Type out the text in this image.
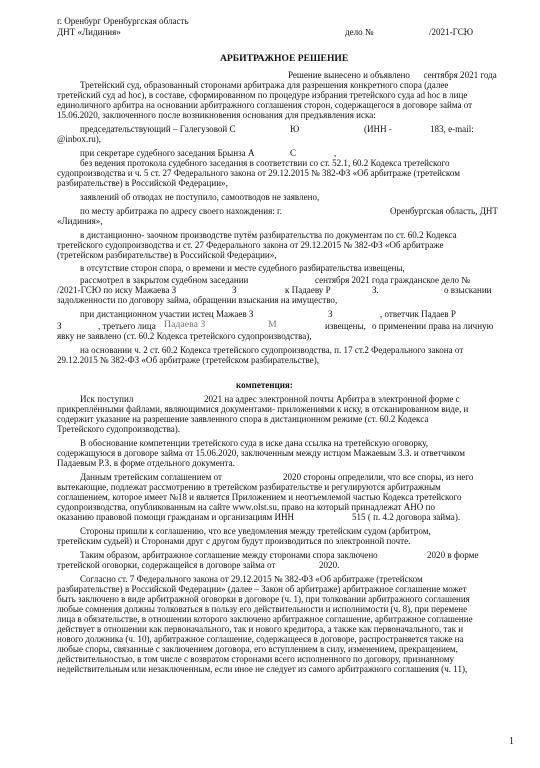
г. Оренбург Оренбургская область
ДНТ «Лидиния»	дело №	/2021-ГСЮ
АРБИТРАЖНОЕ РЕШЕНИЕ
Решение вынесено и объявлено      сентября 2021 года
Третейский суд, образованный сторонами арбитража для разрешения конкретного спора (далее
третейский суд ad hoc), в составе, сформированном по процедуре избрания третейского суда ad hoc в лице
единоличного арбитра на основании арбитражного соглашения сторон, содержащегося в договоре займа от
15.06.2020, заключенного после возникновения основания для предъявления иска:
председательствующий – Галегузовой С	Ю	(ИНН -	183, e-mail:
@inbox.ru),
при секретаре судебного заседания Брынза А	С	,
без ведения протокола судебного заседания в соответствии со ст. 52.1, 60.2 Кодекса третейского
судопроизводства и ч. 5 ст. 27 Федерального закона от 29.12.2015 № 382-ФЗ «Об арбитраже (третейском
разбирательстве) в Российской Федерации»,
заявлений об отводах не поступило, самоотводов не заявлено,
по месту арбитража по адресу своего нахождения: г.	Оренбургская область, ДНТ
«Лидиния»,
в дистанционно- заочном производстве путём разбирательства по документам по ст. 60.2 Кодекса
третейского судопроизводства и ст. 27 Федерального закона от 29.12.2015 № 382-ФЗ «Об арбитраже
(третейском разбирательстве) в Российской Федерации»,
в отсутствие сторон спора, о времени и месте судебного разбирательства извещены,
рассмотрел в закрытом судебном заседании	сентября 2021 года гражданское дело №
/2021-ГСЮ по иску Мажаева З	З	к Падаеву Р	З.	о взыскании
задолженности по договору займа, обращении взыскания на имущество,
при дистанционном участии истец Мажаев З	З	, ответчик Падаев Р
З	, третьего лица Падаева З	М	извещены, о применении права на личную
явку не заявлено (ст. 60.2 Кодекса третейского судопроизводства),
на основании ч. 2 ст. 60.2 Кодекса третейского судопроизводства, п. 17 ст.2 Федерального закона от
29.12.2015 № 382-ФЗ «Об арбитраже (третейском разбирательстве),
компетенция:
Иск поступил	2021 на адрес электронной почты Арбитра в электронной форме с
прикреплёнными файлами, являющимися документами- приложениями к иску, в отсканированном виде, и
содержит указание на разрешение заявленного спора в дистанционном режиме (ст. 60.2 Кодекса
Третейского судопроизводства).
В обоснование компетенции третейского суда в иске дана ссылка на третейскую оговорку,
содержащуюся в договоре займа от 15.06.2020, заключенным между истцом Мажаевым З.З. и ответчиком
Падаевым Р.З. в форме отдельного документа.
Данным третейским соглашением от	2020 стороны определили, что все споры, из него
вытекающие, подлежат рассмотрению в третейском разбирательстве и регулируются арбитражным
соглашением, которое имеет №18 и является Приложением и неотъемлемой частью Кодекса третейского
судопроизводства, опубликованным на сайте www.olst.su, право на который принадлежат АНО по
оказанию правовой помощи гражданам и организациям ИНН	515 ( п. 4.2 договора займа).
Стороны пришли к соглашению, что все уведомления между третейским судом (арбитром,
третейским судьей) и Сторонами друг с другом будут производиться по электронной почте.
Таким образом, арбитражное соглашение между сторонами спора заключено	2020 в форме
третейской оговорки, содержащейся в договоре займа от	2020.
Согласно ст. 7 Федерального закона от 29.12.2015 № 382-ФЗ «Об арбитраже (третейском
разбирательстве) в Российской Федерации» (далее – Закон об арбитраже) арбитражное соглашение может
быть заключено в виде арбитражной оговорки в договоре (ч. 1), при толковании арбитражного соглашения
любые сомнения должны толковаться в пользу его действительности и исполнимости (ч. 8), при перемене
лица в обязательстве, в отношении которого заключено арбитражное соглашение, арбитражное соглашение
действует в отношении как первоначального, так и нового кредитора, а также как первоначального, так и
нового должника (ч. 10), арбитражное соглашение, содержащееся в договоре, распространяется также на
любые споры, связанные с заключением договора, его вступлением в силу, изменением, прекращением,
действительностью, в том числе с возвратом сторонами всего исполненного по договору, признанному
недействительным или незаключенным, если иное не следует из самого арбитражного соглашения (ч. 11),
1
